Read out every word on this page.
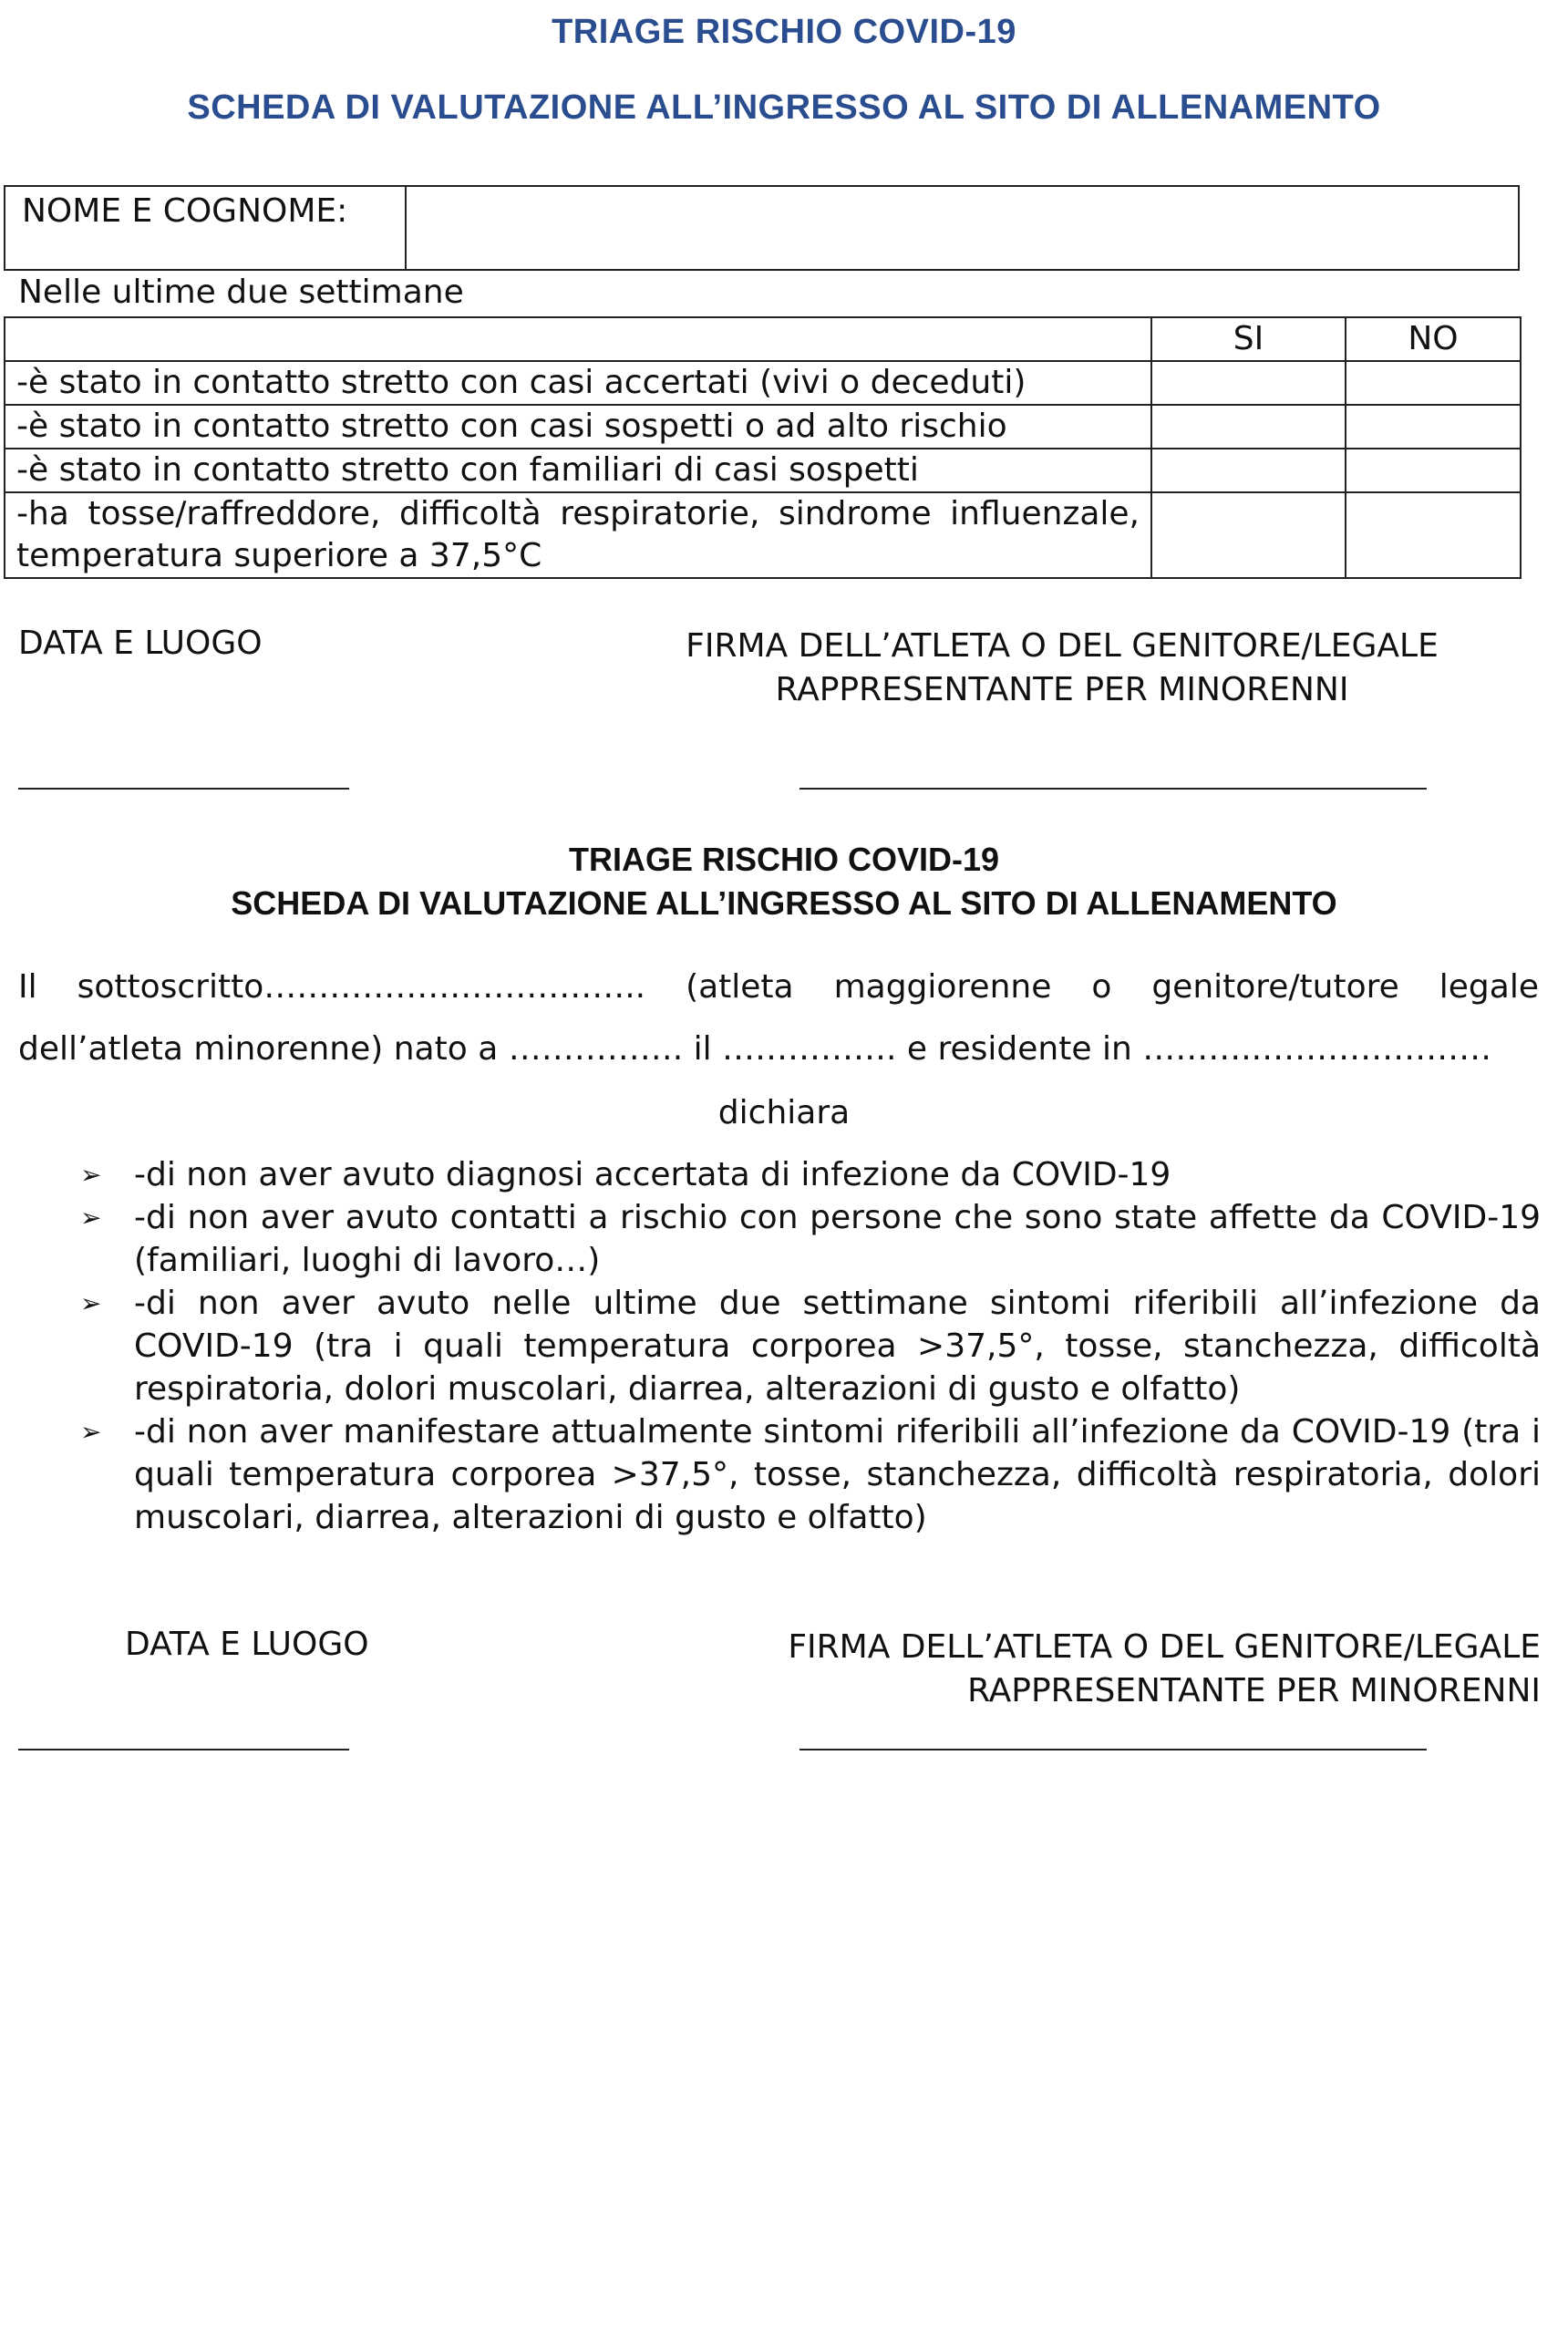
TRIAGE RISCHIO COVID-19
SCHEDA DI VALUTAZIONE ALL’INGRESSO AL SITO DI ALLENAMENTO
NOME E COGNOME:
Nelle ultime due settimane
	SI	NO
-è stato in contatto stretto con casi accertati (vivi o deceduti)		
-è stato in contatto stretto con casi sospetti o ad alto rischio		
-è stato in contatto stretto con familiari di casi sospetti		
-ha tosse/raffreddore, difficoltà respiratorie, sindrome influenzale, temperatura superiore a 37,5°C		
DATA E LUOGO	FIRMA DELL’ATLETA O DEL GENITORE/LEGALE
RAPPRESENTANTE PER MINORENNI
TRIAGE RISCHIO COVID-19
SCHEDA DI VALUTAZIONE ALL’INGRESSO AL SITO DI ALLENAMENTO
Il sottoscritto…………………………….. (atleta maggiorenne o genitore/tutore legale
dell’atleta minorenne) nato a ……………. il ……………. e residente in ………..…………………
dichiara
➢ -di non aver avuto diagnosi accertata di infezione da COVID-19
➢ -di non aver avuto contatti a rischio con persone che sono state affette da COVID-19 (familiari, luoghi di lavoro…)
➢ -di non aver avuto nelle ultime due settimane sintomi riferibili all’infezione da COVID-19 (tra i quali temperatura corporea >37,5°, tosse, stanchezza, difficoltà respiratoria, dolori muscolari, diarrea, alterazioni di gusto e olfatto)
➢ -di non aver manifestare attualmente sintomi riferibili all’infezione da COVID-19 (tra i quali temperatura corporea >37,5°, tosse, stanchezza, difficoltà respiratoria, dolori muscolari, diarrea, alterazioni di gusto e olfatto)
DATA E LUOGO	FIRMA DELL’ATLETA O DEL GENITORE/LEGALE
RAPPRESENTANTE PER MINORENNI
